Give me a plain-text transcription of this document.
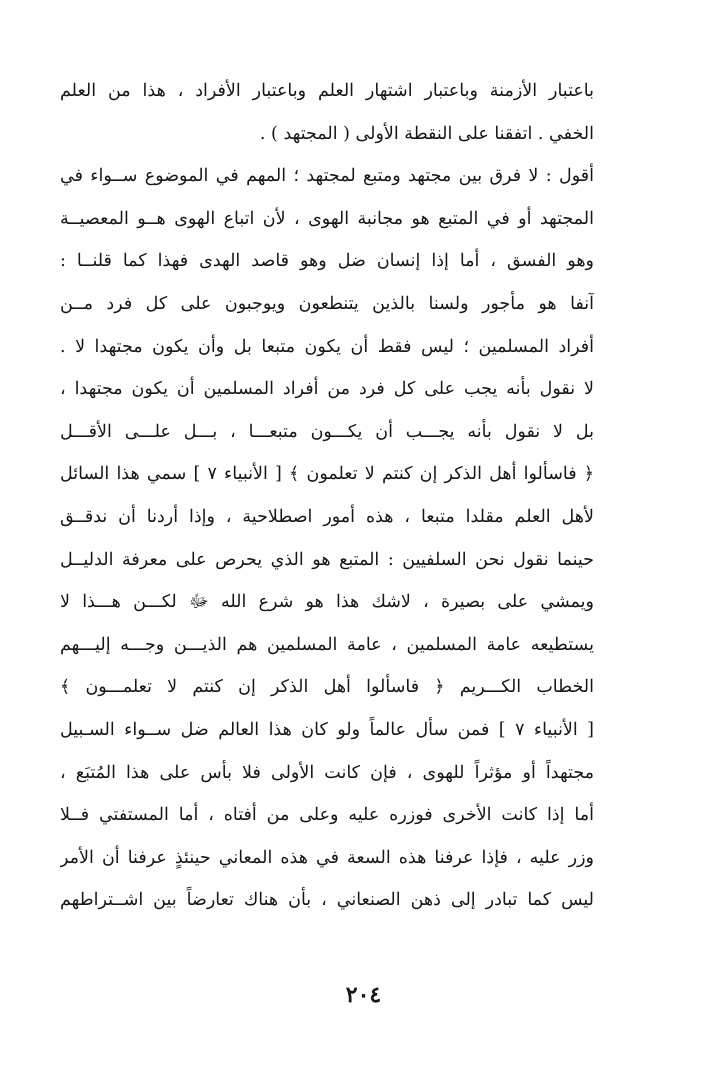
باعتبار الأزمنة وباعتبار اشتهار العلم وباعتبار الأفراد ، هذا من العلم
الخفي . اتفقنا على النقطة الأولى ( المجتهد ) .
أقول : لا فرق بين مجتهد ومتبع لمجتهد ؛ المهم في الموضوع ســواء في
المجتهد أو في المتبع هو مجانبة الهوى ، لأن اتباع الهوى هــو المعصيــة
وهو الفسق ، أما إذا إنسان ضل وهو قاصد الهدى فهذا كما قلنــا :
آنفا هو مأجور ولسنا بالذين يتنطعون ويوجبون على كل فرد مــن
أفراد المسلمين ؛ ليس فقط أن يكون متبعا بل وأن يكون مجتهدا لا .
لا نقول بأنه يجب على كل فرد من أفراد المسلمين أن يكون مجتهدا ،
بل لا نقول بأنه يجـــب أن يكـــون متبعـــا ، بـــل علـــى الأقـــل
﴿ فاسألوا أهل الذكر إن كنتم لا تعلمون ﴾ [ الأنبياء ٧ ] سمي هذا السائل
لأهل العلم مقلدا متبعا ، هذه أمور اصطلاحية ، وإذا أردنا أن ندقــق
حينما نقول نحن السلفيين : المتبع هو الذي يحرص على معرفة الدليــل
ويمشي على بصيرة ، لاشك هذا هو شرع الله ﷻ لكـــن هـــذا لا
يستطيعه عامة المسلمين ، عامة المسلمين هم الذيـــن وجـــه إليـــهم
الخطاب الكـــريم ﴿ فاسألوا أهل الذكر إن كنتم لا تعلمـــون ﴾
[ الأنبياء ٧ ] فمن سأل عالماً ولو كان هذا العالم ضل ســواء السـبيل
مجتهداً أو مؤثراً للهوى ، فإن كانت الأولى فلا بأس على هذا المُتبَع ،
أما إذا كانت الأخرى فوزره عليه وعلى من أفتاه ، أما المستفتي فــلا
وزر عليه ، فإذا عرفنا هذه السعة في هذه المعاني حينئذٍ عرفنا أن الأمر
ليس كما تبادر إلى ذهن الصنعاني ، بأن هناك تعارضاً بين اشــتراطهم
٢٠٤
